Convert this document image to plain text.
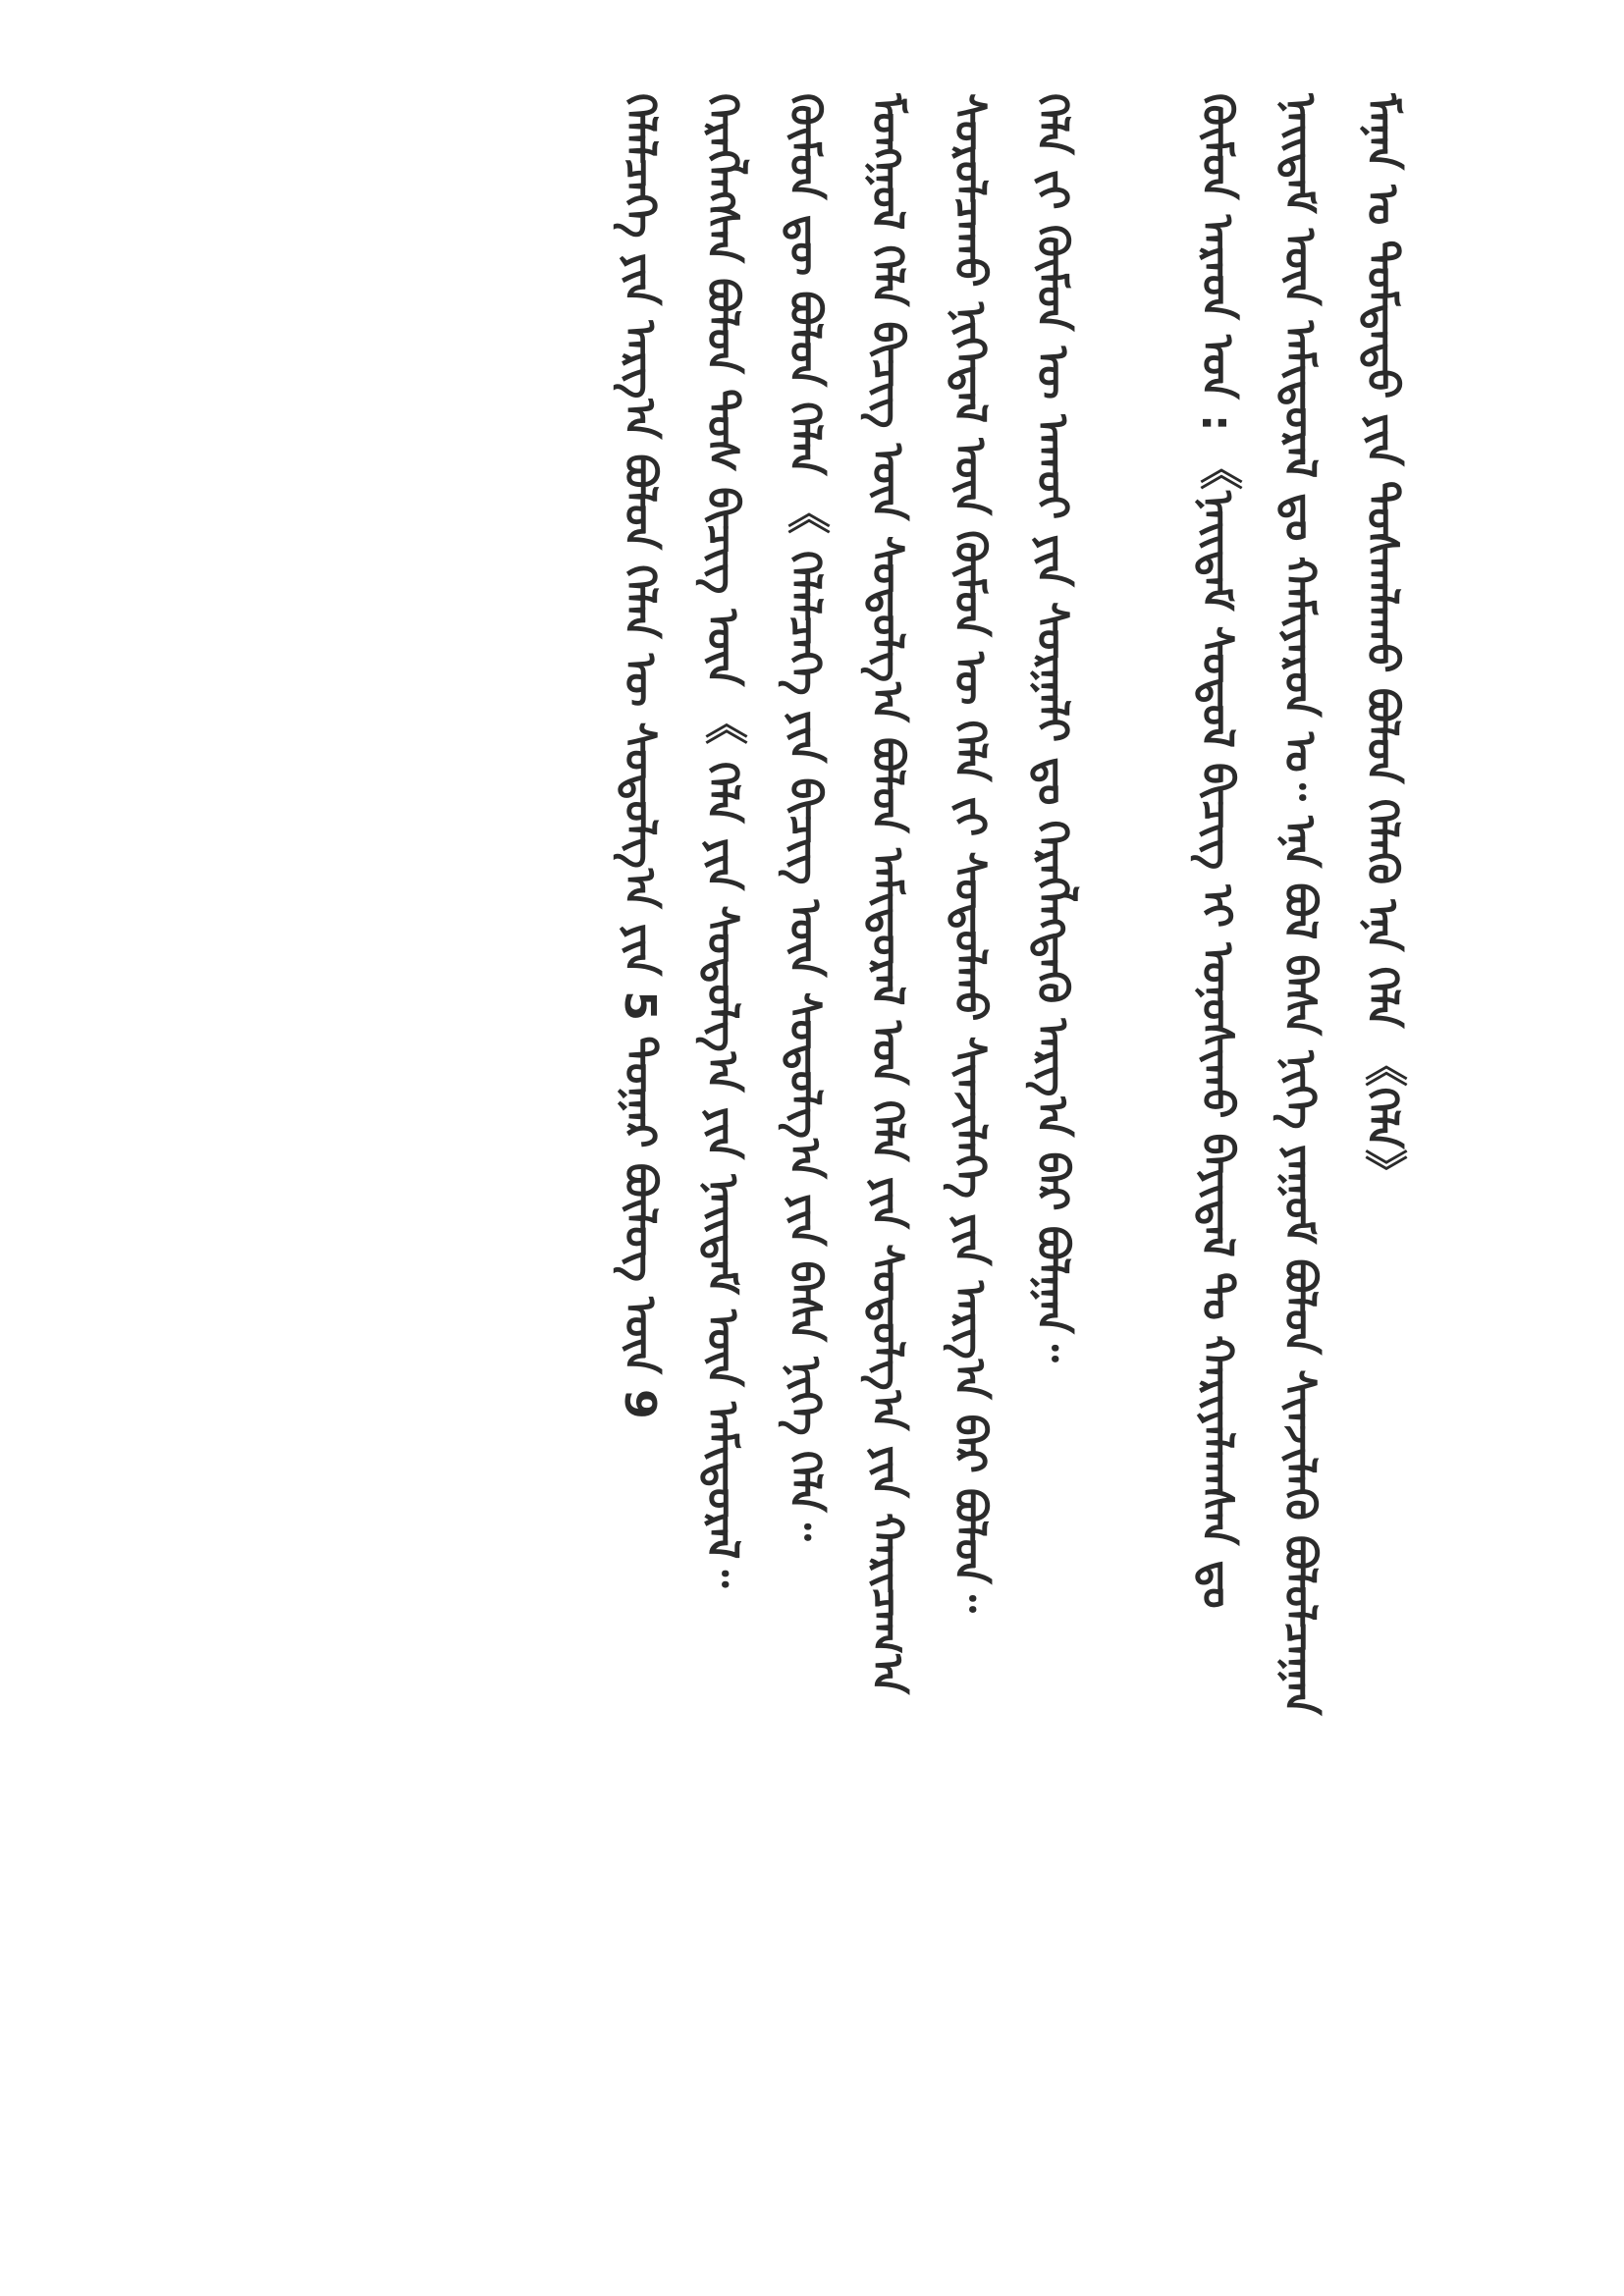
ᠮᠠᠨᠠᠨ ᠤ ᠳᠤᠮᠳᠠᠳᠤ ᠶᠢᠨ ᠲᠤᠰᠬᠠᠯᠠᠬᠤ ᠪᠣᠯᠤᠨ ᠬᠡᠯᠡᠬᠦ ᠡᠨᠡ ᠬᠡᠯᠡ 《ᠬᠡᠯᠡ》
ᠨᠡᠢᠲᠡᠮ ᠦᠨ ᠠᠮᠢᠳᠤᠷᠠᠯ ᠳᠤ ᠬᠠᠮᠢᠶᠠᠷᠤᠨ ᠤ᠃ ᠡᠨᠡ ᠪᠣᠯ ᠪᠠᠰᠠ ᠨᠢᠭᠡ ᠶᠠᠭᠤᠮ ᠪᠣᠯᠤᠨ ᠰᠢᠨᠵᠢᠯᠡᠬᠦ ᠪᠣᠯᠤᠯᠴᠠᠭᠠᠨ
ᠬᠦᠮᠦᠨ ᠠᠷᠠᠳ ᠤᠨ : 《ᠨᠡᠢᠲᠡᠮ ᠰᠤᠳᠤᠯ ᠪᠢᠴᠢᠭ ᠢ ᠤᠨᠤᠰᠢᠬᠤ ᠪᠠᠶᠢᠳᠠᠯ ᠲᠤ ᠬᠠᠷᠢᠶᠠᠯᠠᠭᠰᠠᠨ ᠳᠤ
ᠬᠡᠯᠡ ᠵᠢ ᠬᠦᠮᠦᠨ ᠦ ᠠᠬᠤᠢ ᠶᠢᠨ ᠰᠤᠷᠭᠠᠯᠢ ᠳᠤ ᠬᠡᠷᠡᠭᠯᠡᠭᠳᠡᠬᠦ ᠠᠷᠭ᠎ᠠ ᠪᠠᠷ ᠪᠣᠯᠭᠠᠨ᠃
ᠰᠤᠷᠤᠯᠴᠠᠬᠤ ᠨᠢᠭᠡᠳᠡᠯ ᠦᠨ ᠬᠦᠮᠦᠨ ᠦ ᠬᠡᠯᠡ ᠵᠢ ᠰᠤᠳᠤᠯᠬᠤ ᠰᠢᠨᠵᠢᠯᠡᠭᠡ ᠶᠢᠨ ᠠᠷᠭ᠎ᠠ ᠪᠠᠷ ᠪᠣᠯᠤᠨ᠃
ᠮᠣᠩᠭᠣᠯ ᠬᠡᠯᠡ ᠪᠢᠴᠢᠭ ᠦᠨ ᠰᠤᠳᠤᠯᠭ᠎ᠠ ᠪᠣᠯᠤᠨ ᠠᠮᠢᠳᠤᠷᠠᠯ ᠤᠨ ᠬᠡᠯᠡ ᠶᠢᠨ ᠰᠤᠳᠤᠯᠭ᠎ᠠ ᠶᠢᠨ ᠬᠠᠷᠢᠴᠠᠭ᠎ᠠ
ᠬᠦᠮᠦᠨ ᠳᠦ ᠪᠣᠯᠤᠨ ᠬᠡᠯᠡᠨ 《 ᠬᠡᠯᠡᠯᠴᠡᠭᠡ ᠶᠢᠨ ᠪᠢᠴᠢᠭ ᠦᠨ ᠰᠤᠳᠤᠯᠭ᠎ᠠ ᠶᠢᠨ ᠪᠠᠰᠠ ᠨᠢᠭᠡ ᠬᠡᠯᠡ᠃
ᠬᠡᠷᠡᠭᠯᠡᠭᠰᠡᠨ ᠪᠣᠯᠤᠨ ᠲᠤᠰ ᠪᠢᠴᠢᠭ ᠦᠨ 《 ᠬᠡᠯᠡ ᠶᠢᠨ ᠰᠤᠳᠤᠯᠭ᠎ᠠ ᠶᠢᠨ ᠨᠡᠢᠲᠡᠮ ᠦᠨ ᠠᠮᠢᠳᠤᠷᠠᠯ᠃
ᠬᠡᠯᠡᠯᠴᠡᠭᠡ ᠶᠢᠨ ᠠᠷᠭ᠎ᠠ ᠪᠣᠯᠤᠨ ᠬᠡᠯᠡᠨ ᠦ ᠰᠤᠳᠤᠯᠭ᠎ᠠ ᠶᠢᠨ 5 ᠳᠤᠭᠠᠷ ᠪᠦᠯᠦᠭ ᠦᠨ 9
